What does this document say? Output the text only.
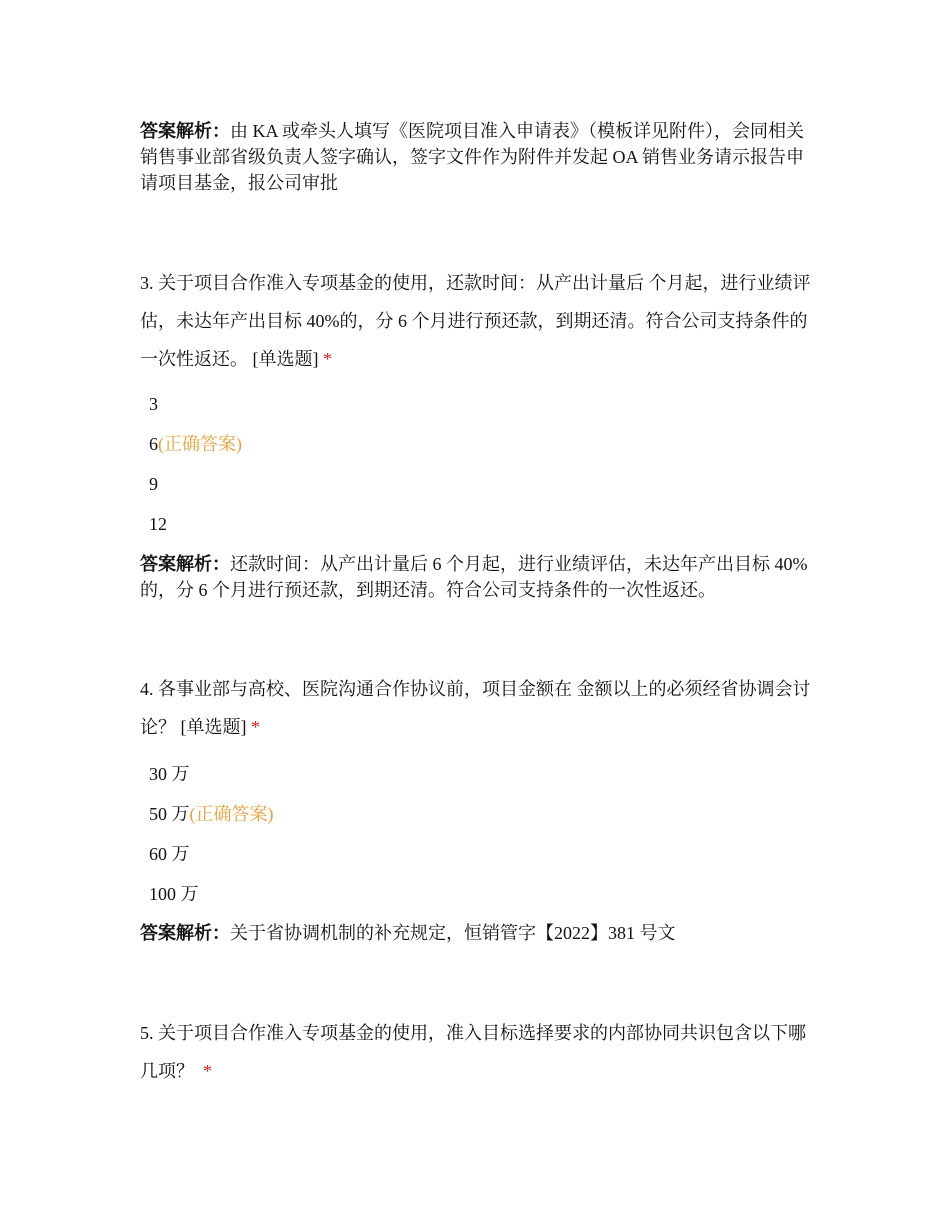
答案解析：由 KA 或牵头人填写《医院项目准入申请表》（模板详见附件），会同相关销售事业部省级负责人签字确认，签字文件作为附件并发起 OA 销售业务请示报告申请项目基金，报公司审批

3. 关于项目合作准入专项基金的使用，还款时间：从产出计量后 个月起，进行业绩评估，未达年产出目标 40%的，分 6 个月进行预还款，到期还清。符合公司支持条件的一次性返还。 [单选题] *

3
6(正确答案)
9
12

答案解析：还款时间：从产出计量后 6 个月起，进行业绩评估，未达年产出目标 40%的，分 6 个月进行预还款，到期还清。符合公司支持条件的一次性返还。

4. 各事业部与高校、医院沟通合作协议前，项目金额在 金额以上的必须经省协调会讨论？ [单选题] *

30 万
50 万(正确答案)
60 万
100 万

答案解析：关于省协调机制的补充规定，恒销管字【2022】381 号文

5. 关于项目合作准入专项基金的使用，准入目标选择要求的内部协同共识包含以下哪几项？ *
